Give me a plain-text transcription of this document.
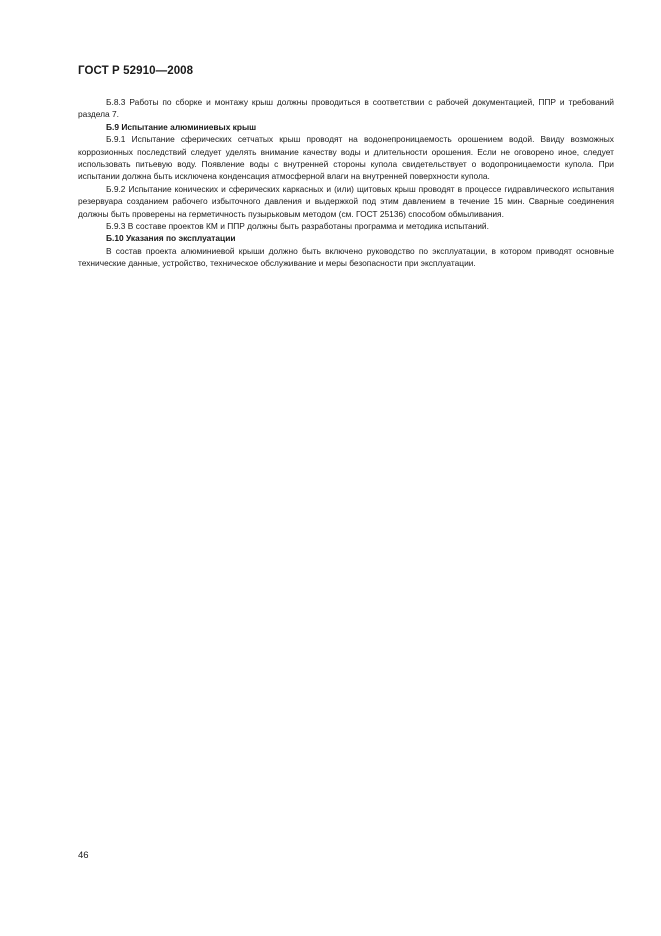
ГОСТ Р 52910—2008

Б.8.3 Работы по сборке и монтажу крыш должны проводиться в соответствии с рабочей документацией, ППР и требований раздела 7.

Б.9 Испытание алюминиевых крыш

Б.9.1 Испытание сферических сетчатых крыш проводят на водонепроницаемость орошением водой. Ввиду возможных коррозионных последствий следует уделять внимание качеству воды и длительности орошения. Если не оговорено иное, следует использовать питьевую воду. Появление воды с внутренней стороны купола свидетельствует о водопроницаемости купола. При испытании должна быть исключена конденсация атмосферной влаги на внутренней поверхности купола.

Б.9.2 Испытание конических и сферических каркасных и (или) щитовых крыш проводят в процессе гидравлического испытания резервуара созданием рабочего избыточного давления и выдержкой под этим давлением в течение 15 мин. Сварные соединения должны быть проверены на герметичность пузырьковым методом (см. ГОСТ 25136) способом обмыливания.

Б.9.3 В составе проектов КМ и ППР должны быть разработаны программа и методика испытаний.

Б.10 Указания по эксплуатации

В состав проекта алюминиевой крыши должно быть включено руководство по эксплуатации, в котором приводят основные технические данные, устройство, техническое обслуживание и меры безопасности при эксплуатации.

46
